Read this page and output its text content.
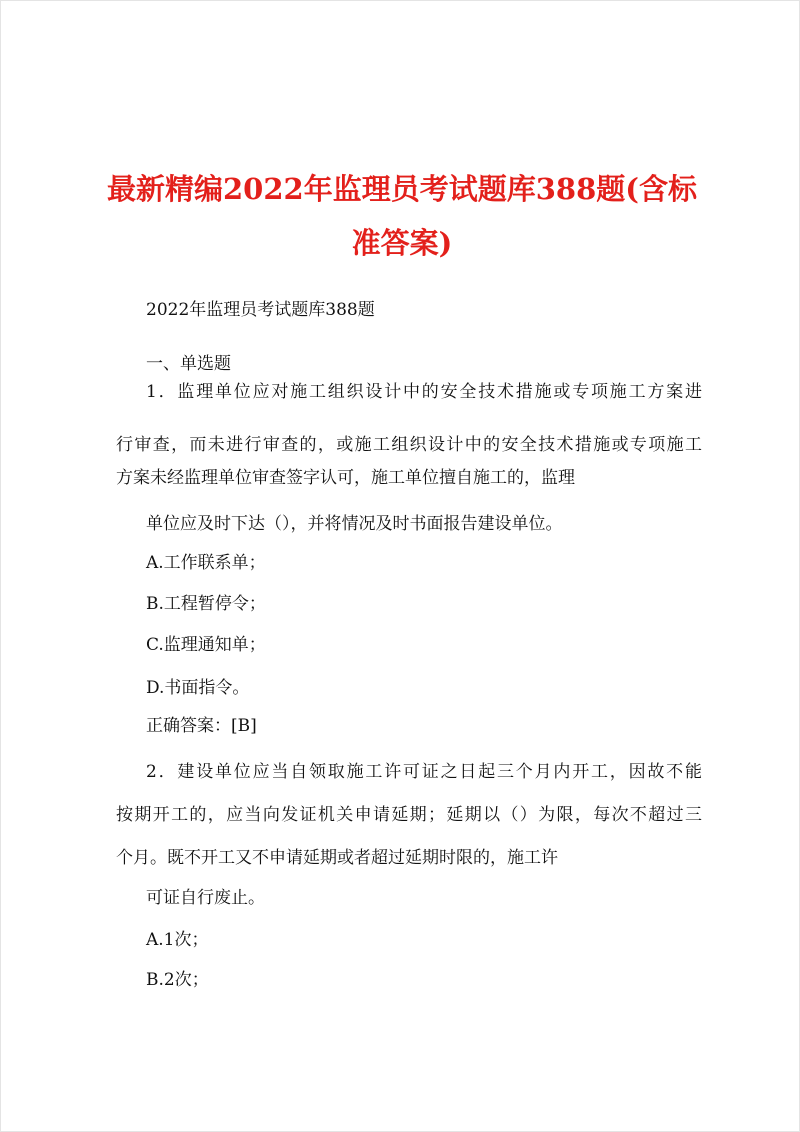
最新精编2022年监理员考试题库388题(含标
准答案)
2022年监理员考试题库388题
一、单选题
1．监理单位应对施工组织设计中的安全技术措施或专项施工方案进
行审查，而未进行审查的，或施工组织设计中的安全技术措施或专项施工
方案未经监理单位审查签字认可，施工单位擅自施工的，监理
单位应及时下达（），并将情况及时书面报告建设单位。
A.工作联系单；
B.工程暂停令；
C.监理通知单；
D.书面指令。
正确答案：[B]
2．建设单位应当自领取施工许可证之日起三个月内开工，因故不能
按期开工的，应当向发证机关申请延期；延期以（）为限，每次不超过三
个月。既不开工又不申请延期或者超过延期时限的，施工许
可证自行废止。
A.1次；
B.2次；
